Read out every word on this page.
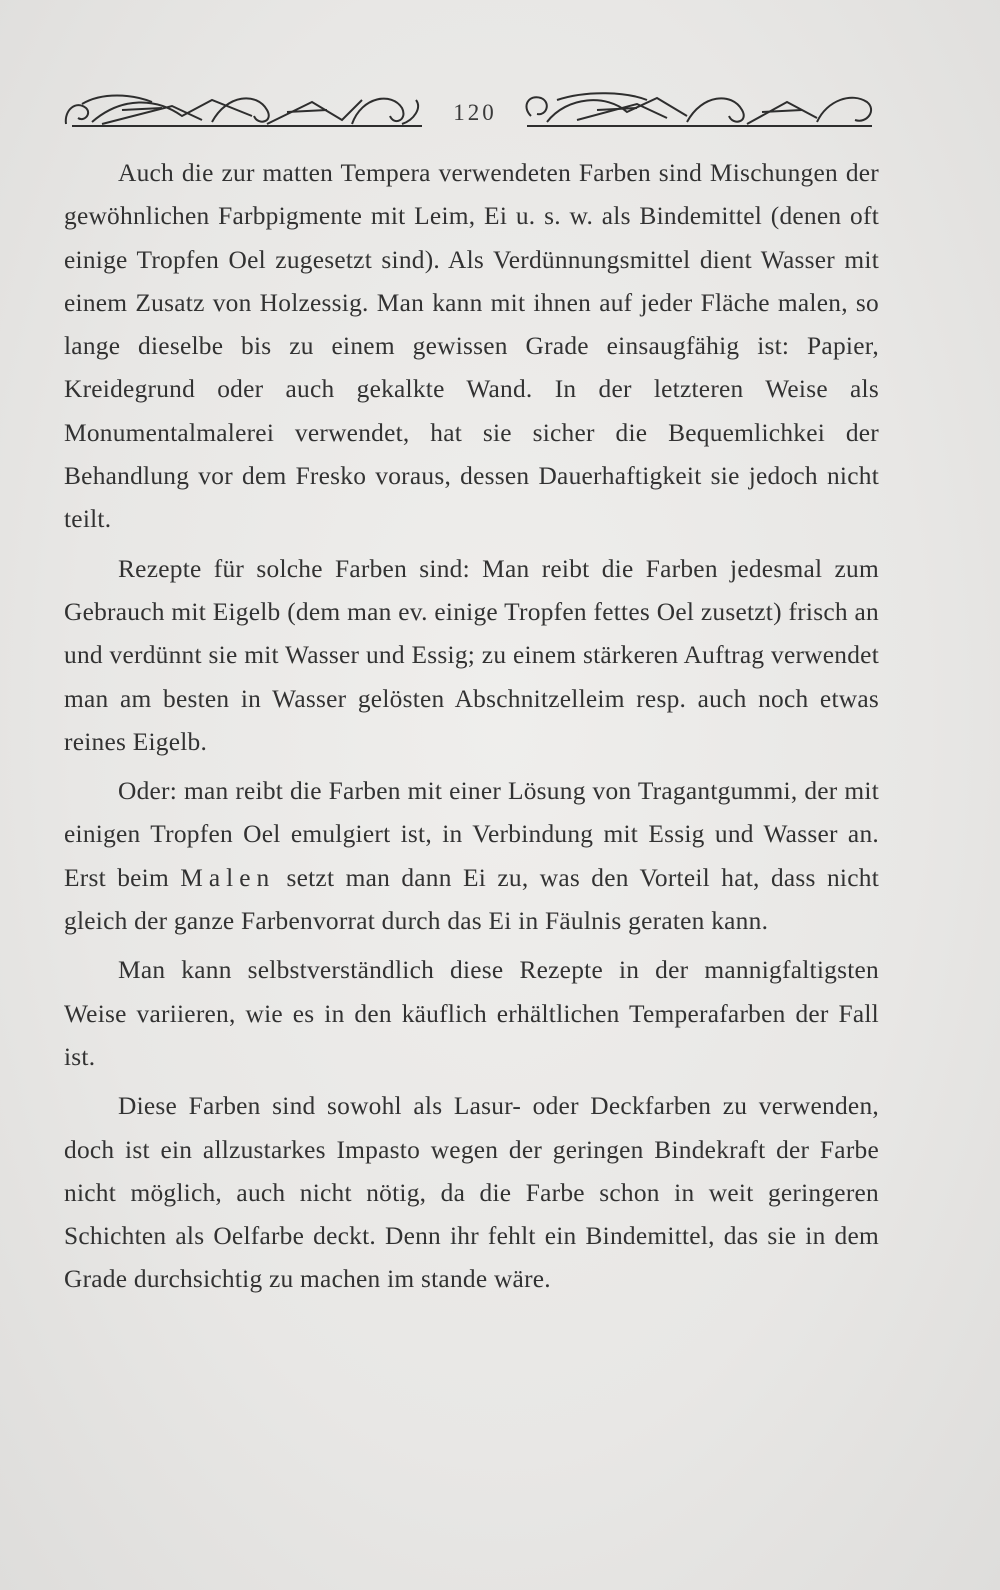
120

Auch die zur matten Tempera verwendeten Farben sind Mischungen der gewöhnlichen Farbpigmente mit Leim, Ei u. s. w. als Bindemittel (denen oft einige Tropfen Oel zugesetzt sind). Als Verdünnungsmittel dient Wasser mit einem Zusatz von Holzessig. Man kann mit ihnen auf jeder Fläche malen, so lange dieselbe bis zu einem gewissen Grade einsaugfähig ist: Papier, Kreidegrund oder auch gekalkte Wand. In der letzteren Weise als Monumentalmalerei verwendet, hat sie sicher die Bequemlichkei der Behandlung vor dem Fresko voraus, dessen Dauerhaftigkeit sie jedoch nicht teilt.

Rezepte für solche Farben sind: Man reibt die Farben jedesmal zum Gebrauch mit Eigelb (dem man ev. einige Tropfen fettes Oel zusetzt) frisch an und verdünnt sie mit Wasser und Essig; zu einem stärkeren Auftrag verwendet man am besten in Wasser gelösten Abschnitzelleim resp. auch noch etwas reines Eigelb.

Oder: man reibt die Farben mit einer Lösung von Tragantgummi, der mit einigen Tropfen Oel emulgiert ist, in Verbindung mit Essig und Wasser an. Erst beim Malen setzt man dann Ei zu, was den Vorteil hat, dass nicht gleich der ganze Farbenvorrat durch das Ei in Fäulnis geraten kann.

Man kann selbstverständlich diese Rezepte in der mannigfaltigsten Weise variieren, wie es in den käuflich erhältlichen Temperafarben der Fall ist.

Diese Farben sind sowohl als Lasur- oder Deckfarben zu verwenden, doch ist ein allzustarkes Impasto wegen der geringen Bindekraft der Farbe nicht möglich, auch nicht nötig, da die Farbe schon in weit geringeren Schichten als Oelfarbe deckt. Denn ihr fehlt ein Bindemittel, das sie in dem Grade durchsichtig zu machen im stande wäre.
